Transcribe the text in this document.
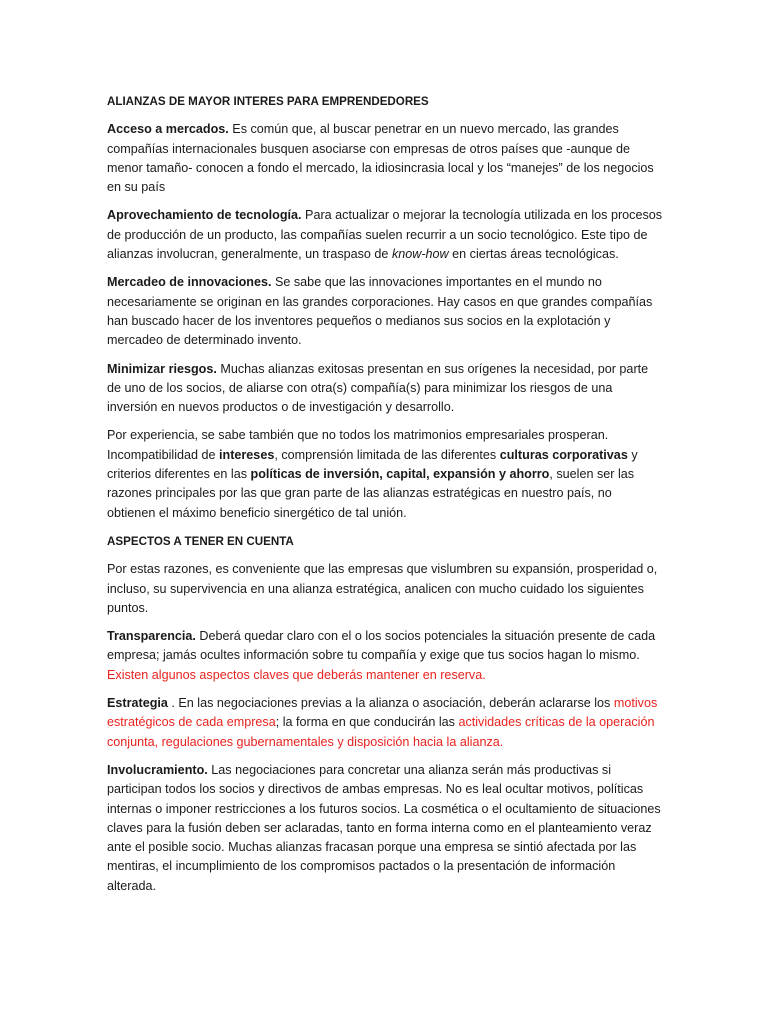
ALIANZAS DE MAYOR INTERES PARA EMPRENDEDORES

Acceso a mercados. Es común que, al buscar penetrar en un nuevo mercado, las grandes compañías internacionales busquen asociarse con empresas de otros países que -aunque de menor tamaño- conocen a fondo el mercado, la idiosincrasia local y los “manejes” de los negocios en su país

Aprovechamiento de tecnología. Para actualizar o mejorar la tecnología utilizada en los procesos de producción de un producto, las compañías suelen recurrir a un socio tecnológico. Este tipo de alianzas involucran, generalmente, un traspaso de know-how en ciertas áreas tecnológicas.

Mercadeo de innovaciones. Se sabe que las innovaciones importantes en el mundo no necesariamente se originan en las grandes corporaciones. Hay casos en que grandes compañías han buscado hacer de los inventores pequeños o medianos sus socios en la explotación y mercadeo de determinado invento.

Minimizar riesgos. Muchas alianzas exitosas presentan en sus orígenes la necesidad, por parte de uno de los socios, de aliarse con otra(s) compañía(s) para minimizar los riesgos de una inversión en nuevos productos o de investigación y desarrollo.

Por experiencia, se sabe también que no todos los matrimonios empresariales prosperan. Incompatibilidad de intereses, comprensión limitada de las diferentes culturas corporativas y criterios diferentes en las políticas de inversión, capital, expansión y ahorro, suelen ser las razones principales por las que gran parte de las alianzas estratégicas en nuestro país, no obtienen el máximo beneficio sinergético de tal unión.

ASPECTOS A TENER EN CUENTA

Por estas razones, es conveniente que las empresas que vislumbren su expansión, prosperidad o, incluso, su supervivencia en una alianza estratégica, analicen con mucho cuidado los siguientes puntos.

Transparencia. Deberá quedar claro con el o los socios potenciales la situación presente de cada empresa; jamás ocultes información sobre tu compañía y exige que tus socios hagan lo mismo. Existen algunos aspectos claves que deberás mantener en reserva.

Estrategia . En las negociaciones previas a la alianza o asociación, deberán aclararse los motivos estratégicos de cada empresa; la forma en que conducirán las actividades críticas de la operación conjunta, regulaciones gubernamentales y disposición hacia la alianza.

Involucramiento. Las negociaciones para concretar una alianza serán más productivas si participan todos los socios y directivos de ambas empresas. No es leal ocultar motivos, políticas internas o imponer restricciones a los futuros socios. La cosmética o el ocultamiento de situaciones claves para la fusión deben ser aclaradas, tanto en forma interna como en el planteamiento veraz ante el posible socio. Muchas alianzas fracasan porque una empresa se sintió afectada por las mentiras, el incumplimiento de los compromisos pactados o la presentación de información alterada.
